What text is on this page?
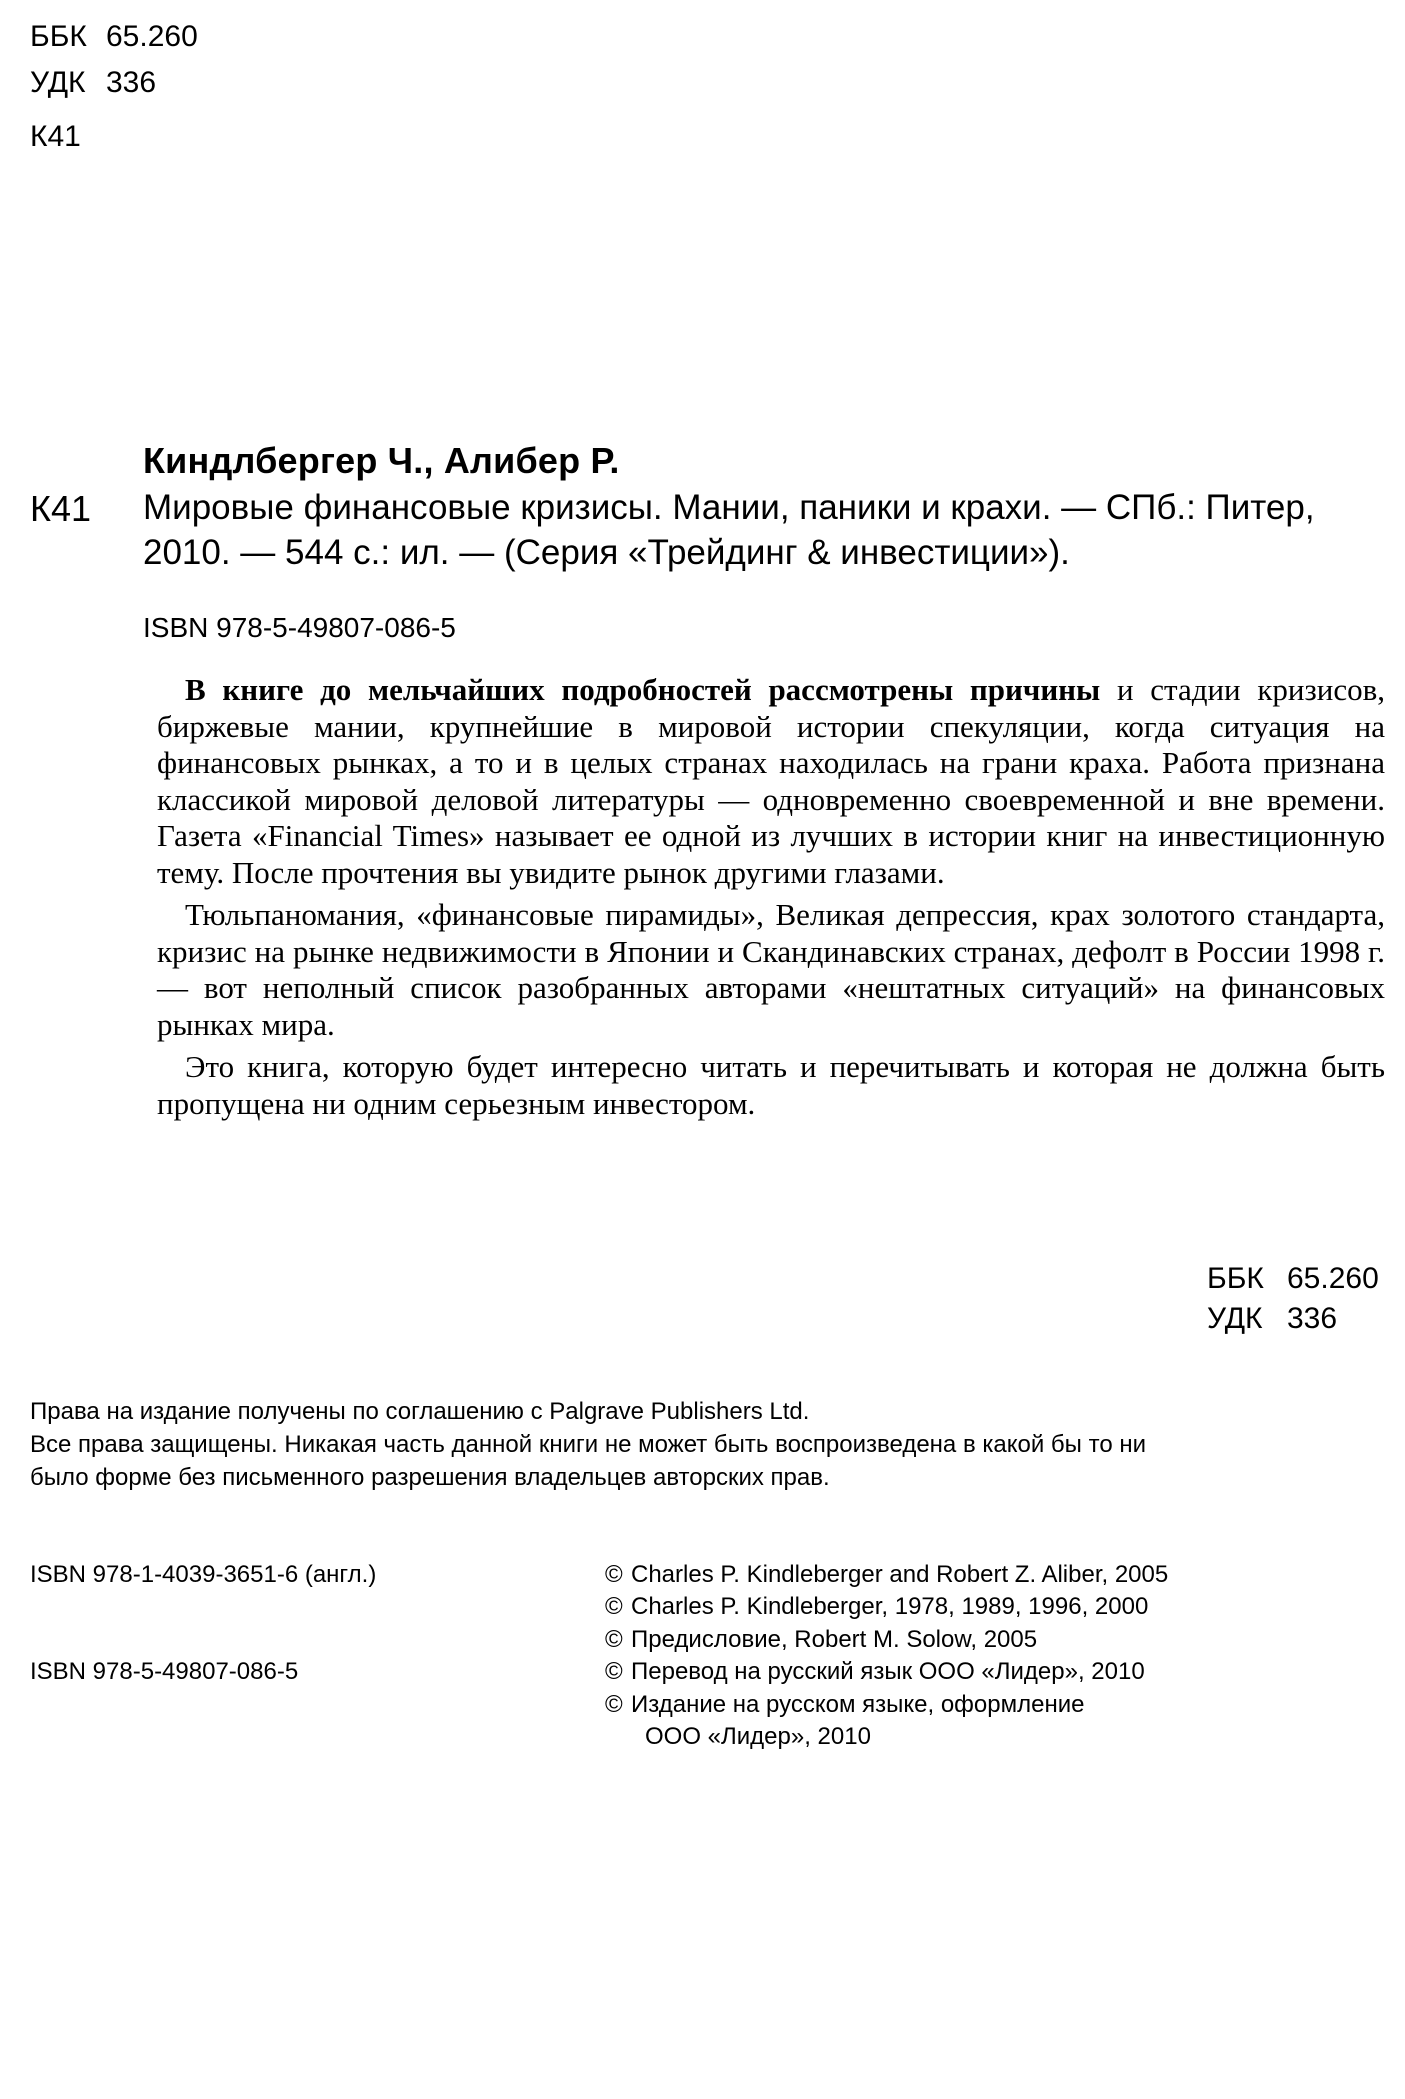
ББК 65.260
УДК 336
К41
Киндлбергер Ч., Алибер Р.
К41 Мировые финансовые кризисы. Мании, паники и крахи. — СПб.: Питер,
2010. — 544 с.: ил. — (Серия «Трейдинг & инвестиции»).
ISBN 978-5-49807-086-5

В книге до мельчайших подробностей рассмотрены причины и стадии кризисов, биржевые мании, крупнейшие в мировой истории спекуляции, когда ситуация на финансовых рынках, а то и в целых странах находилась на грани краха. Работа признана классикой мировой деловой литературы — одновременно своевременной и вне времени. Газета «Financial Times» называет ее одной из лучших в истории книг на инвестиционную тему. После прочтения вы увидите рынок другими глазами.

Тюльпаномания, «финансовые пирамиды», Великая депрессия, крах золотого стандарта, кризис на рынке недвижимости в Японии и Скандинавских странах, дефолт в России 1998 г. — вот неполный список разобранных авторами «нештатных ситуаций» на финансовых рынках мира.

Это книга, которую будет интересно читать и перечитывать и которая не должна быть пропущена ни одним серьезным инвестором.

ББК 65.260
УДК 336
Права на издание получены по соглашению с Palgrave Publishers Ltd.
Все права защищены. Никакая часть данной книги не может быть воспроизведена в какой бы то ни
было форме без письменного разрешения владельцев авторских прав.
ISBN 978-1-4039-3651-6 (англ.)
ISBN 978-5-49807-086-5
© Charles P. Kindleberger and Robert Z. Aliber, 2005
© Charles P. Kindleberger, 1978, 1989, 1996, 2000
© Предисловие, Robert M. Solow, 2005
© Перевод на русский язык ООО «Лидер», 2010
© Издание на русском языке, оформление
ООО «Лидер», 2010
